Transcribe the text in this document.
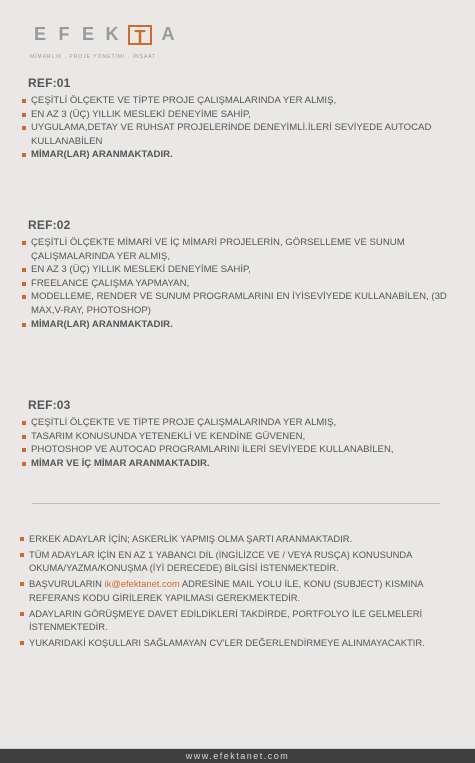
E F E K T A
MİMARLIK . PROJE YÖNETİMİ . İNŞAAT
REF:01
ÇEŞİTLİ ÖLÇEKTE VE TİPTE PROJE ÇALIŞMALARINDA YER ALMIŞ,
EN AZ 3 (ÜÇ) YILLIK MESLEKİ DENEYİME SAHİP,
UYGULAMA,DETAY VE RUHSAT PROJELERİNDE DENEYİMLİ.İLERİ SEVİYEDE AUTOCAD KULLANABİLEN
MİMAR(LAR) ARANMAKTADIR.
REF:02
ÇEŞİTLİ ÖLÇEKTE MİMARİ VE İÇ MİMARİ PROJELERİN, GÖRSELLEME VE SUNUM ÇALIŞMALARINDA YER ALMIŞ,
EN AZ 3 (ÜÇ) YILLIK MESLEKİ DENEYİME SAHİP,
FREELANCE ÇALIŞMA YAPMAYAN,
MODELLEME, RENDER VE SUNUM PROGRAMLARINI EN İYİSEVİYEDE KULLANABİLEN, (3D MAX,V-RAY, PHOTOSHOP)
MİMAR(LAR) ARANMAKTADIR.
REF:03
ÇEŞİTLİ ÖLÇEKTE VE TİPTE PROJE ÇALIŞMALARINDA YER ALMIŞ,
TASARIM KONUSUNDA YETENEKLİ VE KENDİNE GÜVENEN,
PHOTOSHOP VE AUTOCAD PROGRAMLARINI İLERİ SEVİYEDE KULLANABİLEN,
MİMAR VE İÇ MİMAR ARANMAKTADIR.
ERKEK ADAYLAR İÇİN; ASKERLİK YAPMIŞ OLMA ŞARTI ARANMAKTADIR.
TÜM ADAYLAR İÇİN EN AZ 1 YABANCI DİL (İNGİLİZCE VE / VEYA RUSÇA) KONUSUNDA OKUMA/YAZMA/KONUŞMA (İYİ DERECEDE) BİLGİSİ İSTENMEKTEDİR.
BAŞVURULARIN ik@efektanet.com ADRESİNE MAIL YOLU İLE, KONU (SUBJECT) KISMINA REFERANS KODU GİRİLEREK YAPILMASI GEREKMEKTEDİR.
ADAYLARIN GÖRÜŞMEYE DAVET EDİLDİKLERİ TAKDİRDE, PORTFOLYO İLE GELMELERİ İSTENMEKTEDİR.
YUKARIDAKİ KOŞULLARI SAĞLAMAYAN CV’LER DEĞERLENDİRMEYE ALINMAYACAKTIR.
www.efektanet.com
